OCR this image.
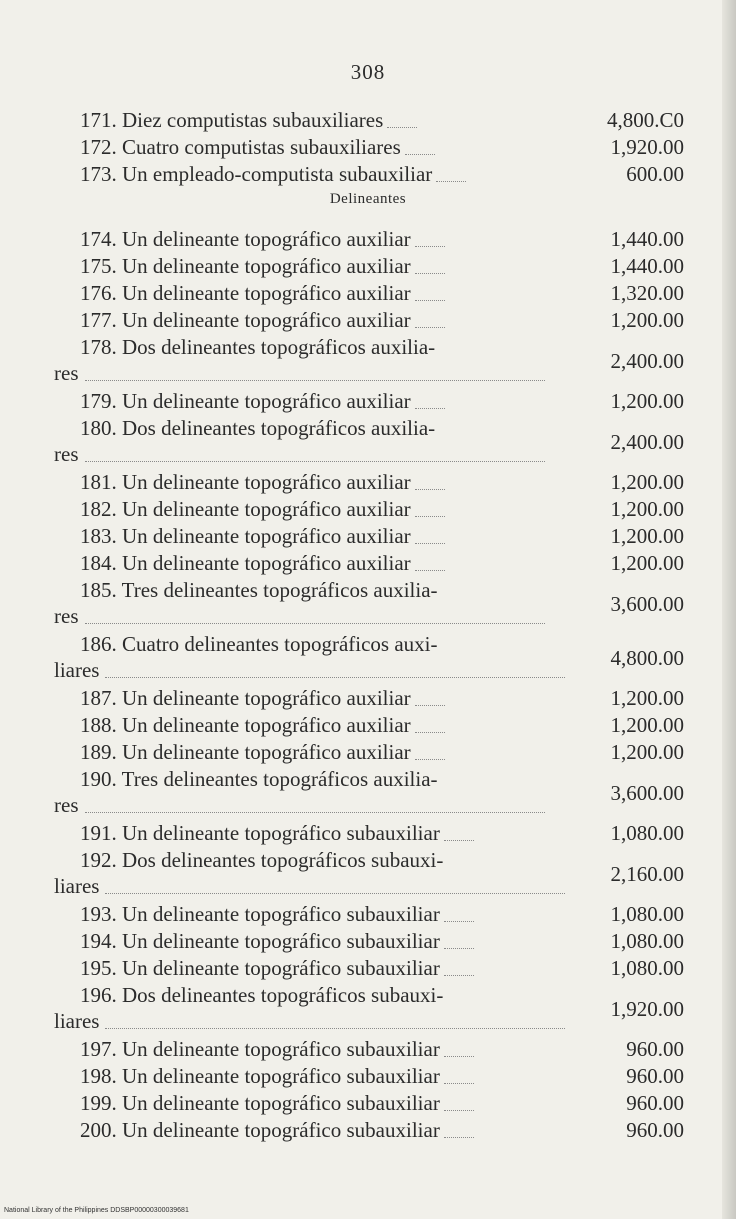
308
171. Diez computistas subauxiliares	4,800.C0
172. Cuatro computistas subauxiliares	1,920.00
173. Un empleado-computista subauxiliar	600.00
174. Un delineante topográfico auxiliar	1,440.00
175. Un delineante topográfico auxiliar	1,440.00
176. Un delineante topográfico auxiliar	1,320.00
177. Un delineante topográfico auxiliar	1,200.00
178. Dos delineantes topográficos auxilia-
res	2,400.00
179. Un delineante topográfico auxiliar	1,200.00
180. Dos delineantes topográficos auxilia-
res	2,400.00
181. Un delineante topográfico auxiliar	1,200.00
182. Un delineante topográfico auxiliar	1,200.00
183. Un delineante topográfico auxiliar	1,200.00
184. Un delineante topográfico auxiliar	1,200.00
185. Tres delineantes topográficos auxilia-
res	3,600.00
186. Cuatro delineantes topográficos auxi-
liares	4,800.00
187. Un delineante topográfico auxiliar	1,200.00
188. Un delineante topográfico auxiliar	1,200.00
189. Un delineante topográfico auxiliar	1,200.00
190. Tres delineantes topográficos auxilia-
res	3,600.00
191. Un delineante topográfico subauxiliar	1,080.00
192. Dos delineantes topográficos subauxi-
liares	2,160.00
193. Un delineante topográfico subauxiliar	1,080.00
194. Un delineante topográfico subauxiliar	1,080.00
195. Un delineante topográfico subauxiliar	1,080.00
196. Dos delineantes topográficos subauxi-
liares	1,920.00
197. Un delineante topográfico subauxiliar	960.00
198. Un delineante topográfico subauxiliar	960.00
199. Un delineante topográfico subauxiliar	960.00
200. Un delineante topográfico subauxiliar	960.00
Delineantes
National Library of the Philippines DDSBP00000300039681
